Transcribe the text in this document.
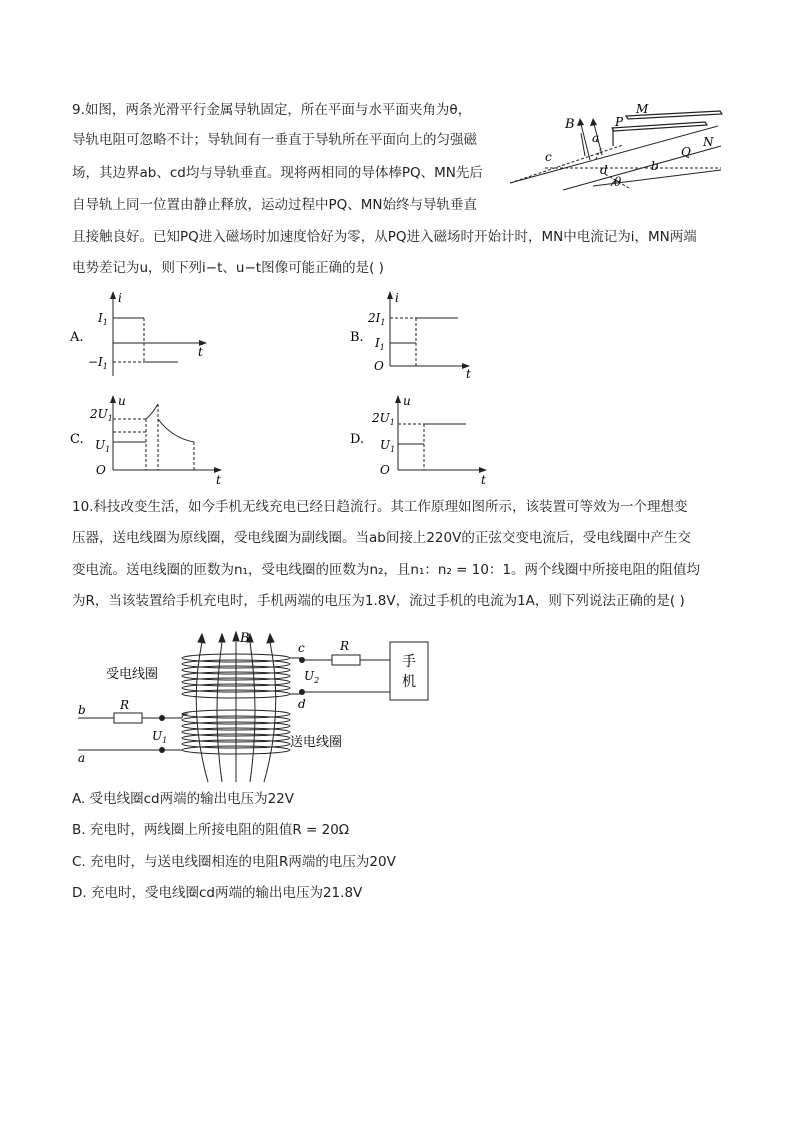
9.如图，两条光滑平行金属导轨固定，所在平面与水平面夹角为θ，
导轨电阻可忽略不计；导轨间有一垂直于导轨所在平面向上的匀强磁
场，其边界ab、cd均与导轨垂直。现将两相同的导体棒PQ、MN先后
自导轨上同一位置由静止释放，运动过程中PQ、MN始终与导轨垂直
且接触良好。已知PQ进入磁场时加速度恰好为零，从PQ进入磁场时开始计时，MN中电流记为i，MN两端
电势差记为u，则下列i−t、u−t图像可能正确的是( )
B
a
P
M
Q
N
c
d	b
θ
A.
i
t
$I_1$
$-I_1$
B.
i
t
O
$2I_1$
$I_1$
C.
u
t
O
$2U_1$
$U_1$
D.
u
t
O
$2U_1$
$U_1$
10.科技改变生活，如今手机无线充电已经日趋流行。其工作原理如图所示，该装置可等效为一个理想变
压器，送电线圈为原线圈，受电线圈为副线圈。当ab间接上220V的正弦交变电流后，受电线圈中产生交
变电流。送电线圈的匝数为n₁，受电线圈的匝数为n₂，且n₁：n₂ = 10：1。两个线圈中所接电阻的阻值均
为R，当该装置给手机充电时，手机两端的电压为1.8V，流过手机的电流为1A，则下列说法正确的是( )
B	R
R
c
d
$U_2$
$U_1$
b
a
受电线圈
送电线圈
手
机
A. 受电线圈cd两端的输出电压为22V
B. 充电时，两线圈上所接电阻的阻值R = 20Ω
C. 充电时，与送电线圈相连的电阻R两端的电压为20V
D. 充电时，受电线圈cd两端的输出电压为21.8V
